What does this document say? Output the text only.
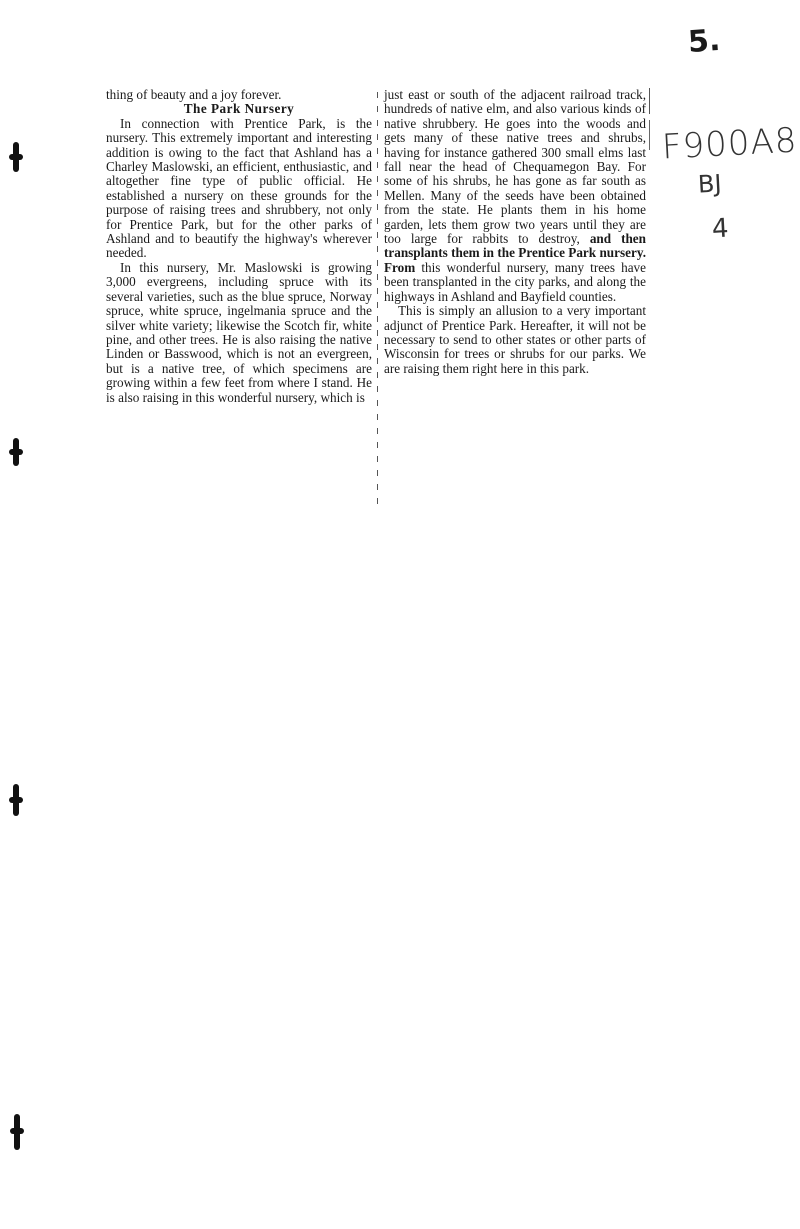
5.
F900A8
BJ
4

thing of beauty and a joy forever.

The Park Nursery

In connection with Prentice Park, is the nursery. This extremely important and interesting addition is owing to the fact that Ashland has a Charley Maslowski, an efficient, enthusiastic, and altogether fine type of public official. He established a nursery on these grounds for the purpose of raising trees and shrubbery, not only for Prentice Park, but for the other parks of Ashland and to beautify the highway's wherever needed.

In this nursery, Mr. Maslowski is growing 3,000 evergreens, including spruce with its several varieties, such as the blue spruce, Norway spruce, white spruce, ingelmania spruce and the silver white variety; likewise the Scotch fir, white pine, and other trees. He is also raising the native Linden or Basswood, which is not an evergreen, but is a native tree, of which specimens are growing within a few feet from where I stand. He is also raising in this wonderful nursery, which is

just east or south of the adjacent railroad track, hundreds of native elm, and also various kinds of native shrubbery. He goes into the woods and gets many of these native trees and shrubs, having for instance gathered 300 small elms last fall near the head of Chequamegon Bay. For some of his shrubs, he has gone as far south as Mellen. Many of the seeds have been obtained from the state. He plants them in his home garden, lets them grow two years until they are too large for rabbits to destroy, and then transplants them in the Prentice Park nursery. From this wonderful nursery, many trees have been transplanted in the city parks, and along the highways in Ashland and Bayfield counties.

This is simply an allusion to a very important adjunct of Prentice Park. Hereafter, it will not be necessary to send to other states or other parts of Wisconsin for trees or shrubs for our parks. We are raising them right here in this park.
